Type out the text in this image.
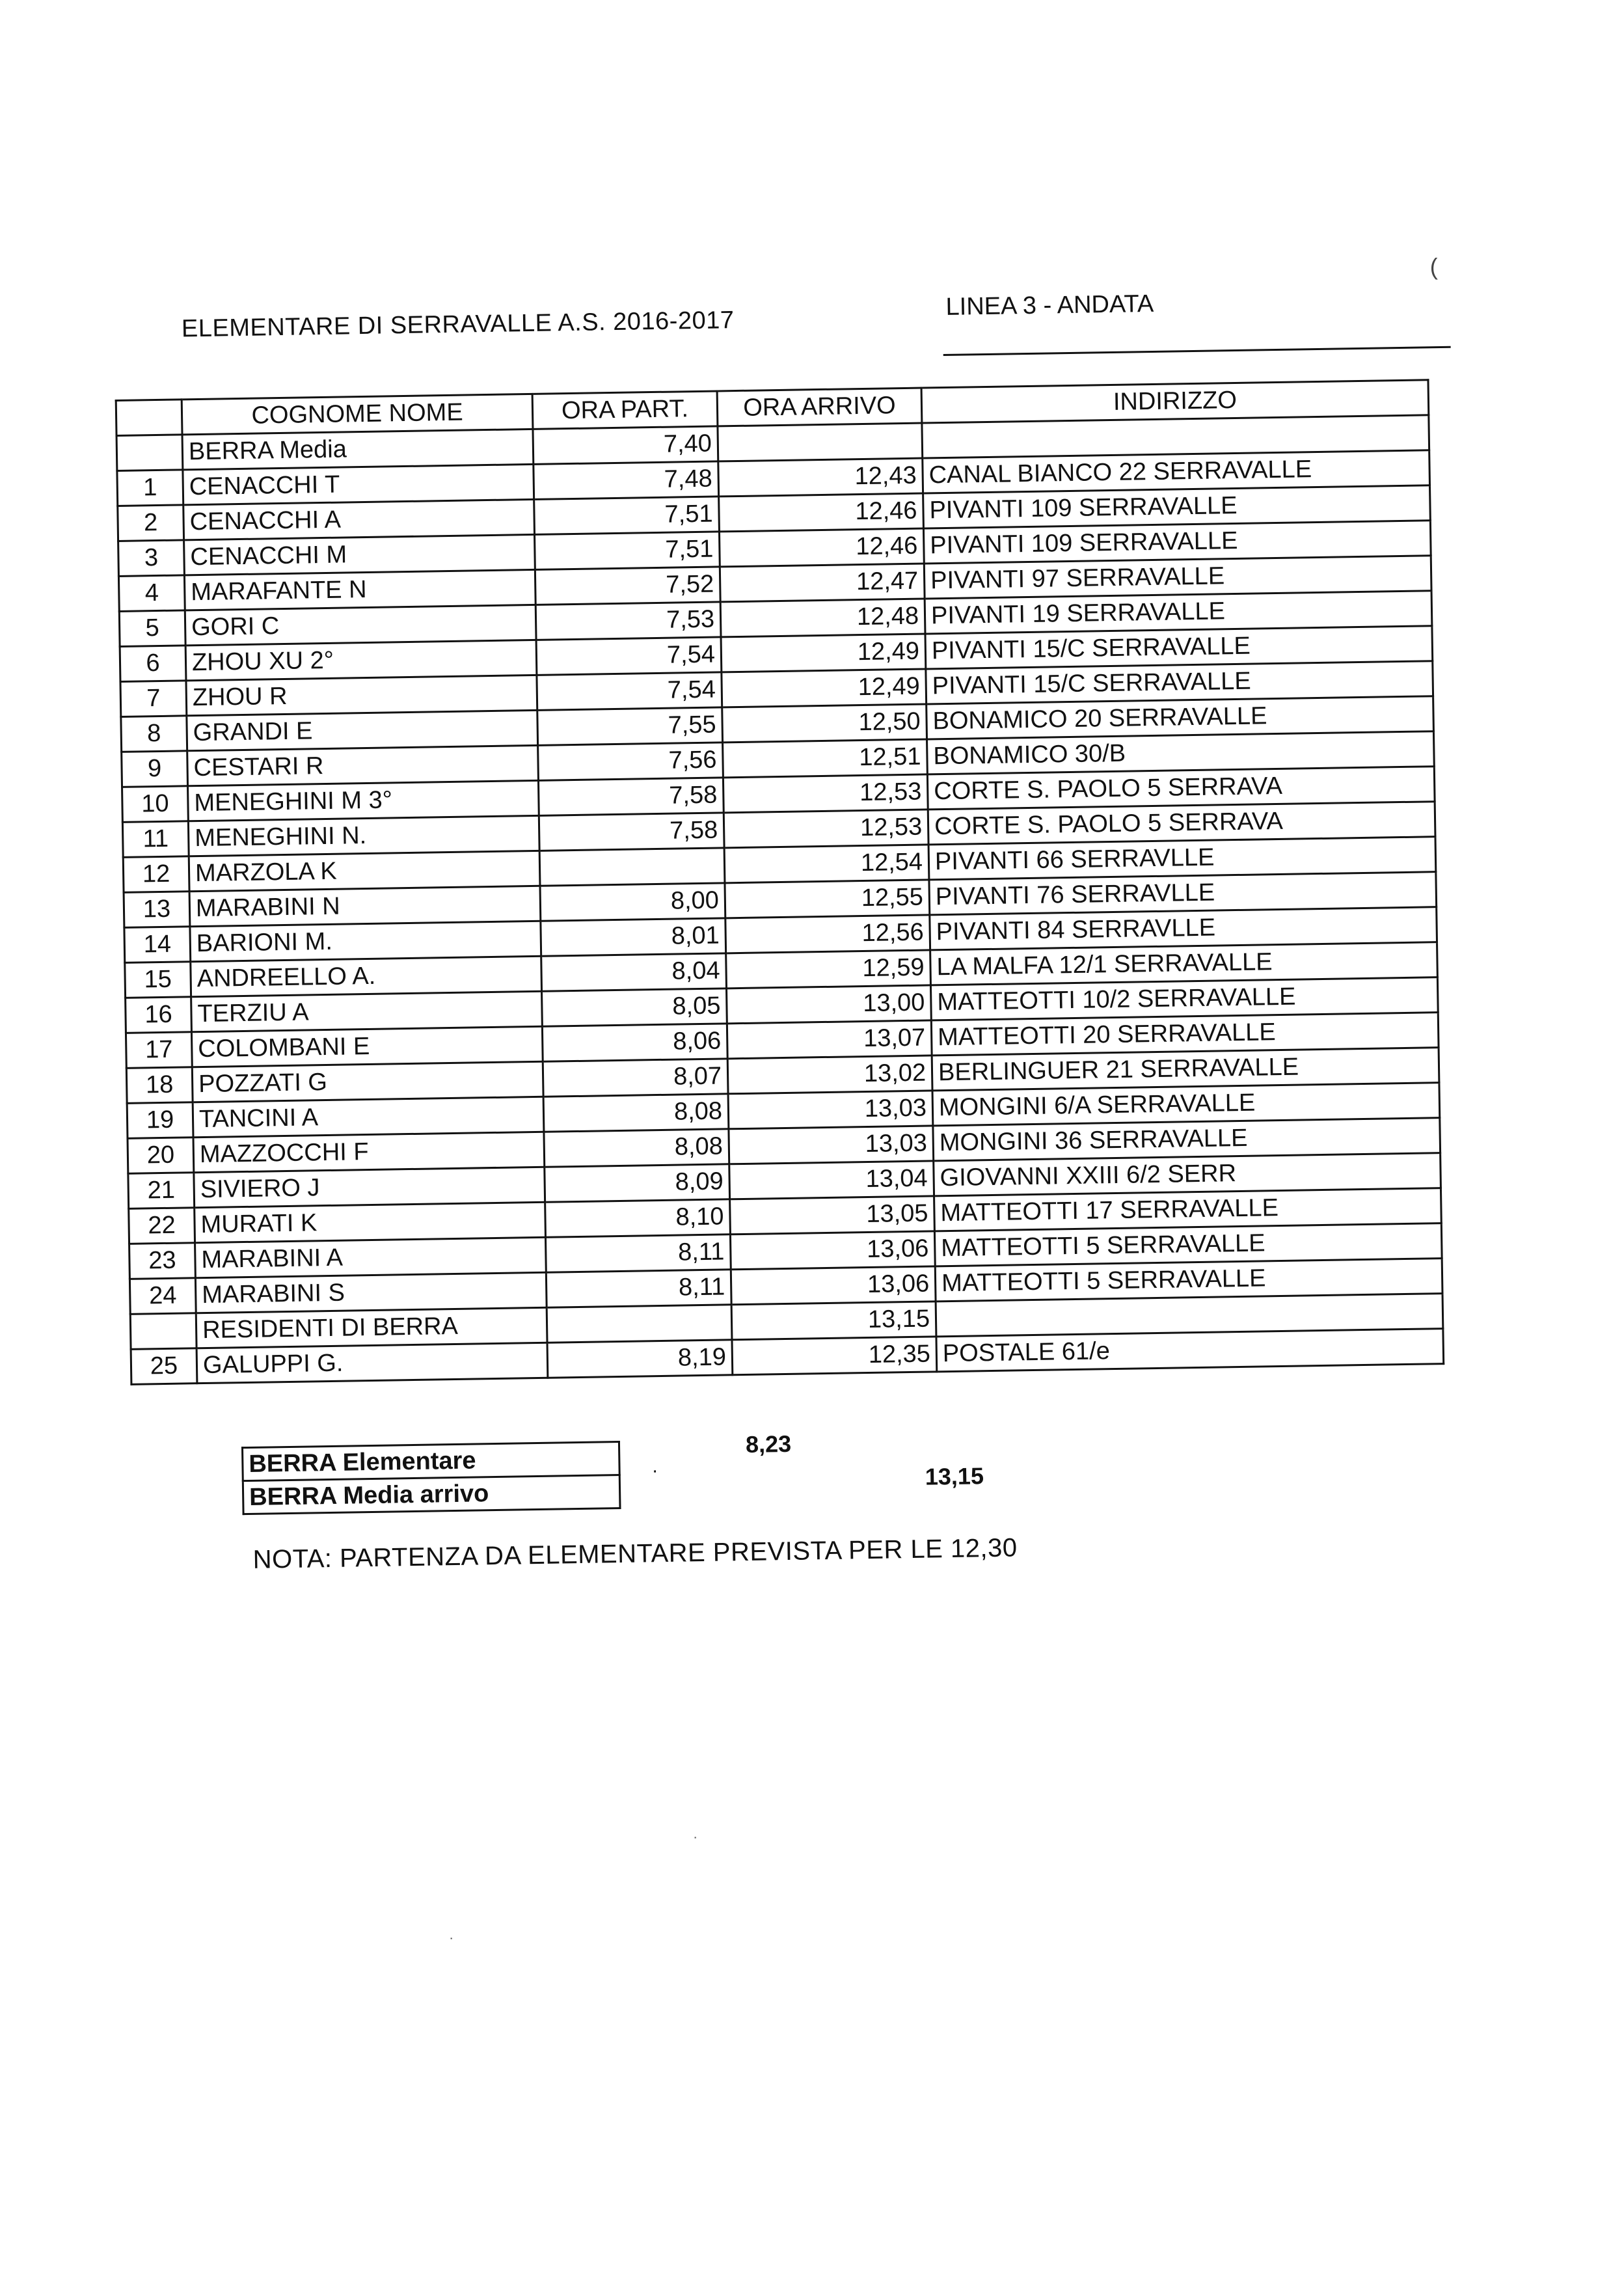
(
ELEMENTARE DI SERRAVALLE A.S. 2016-2017
LINEA 3 - ANDATA
	COGNOME NOME	ORA PART.	ORA ARRIVO	INDIRIZZO
	BERRA Media	7,40		
1	CENACCHI T	7,48	12,43	CANAL BIANCO 22 SERRAVALLE
2	CENACCHI A	7,51	12,46	PIVANTI 109 SERRAVALLE
3	CENACCHI M	7,51	12,46	PIVANTI 109 SERRAVALLE
4	MARAFANTE N	7,52	12,47	PIVANTI 97 SERRAVALLE
5	GORI C	7,53	12,48	PIVANTI 19 SERRAVALLE
6	ZHOU XU 2°	7,54	12,49	PIVANTI 15/C SERRAVALLE
7	ZHOU R	7,54	12,49	PIVANTI 15/C SERRAVALLE
8	GRANDI E	7,55	12,50	BONAMICO 20 SERRAVALLE
9	CESTARI R	7,56	12,51	BONAMICO 30/B
10	MENEGHINI M 3°	7,58	12,53	CORTE S. PAOLO 5 SERRAVA
11	MENEGHINI N.	7,58	12,53	CORTE S. PAOLO 5 SERRAVA
12	MARZOLA K		12,54	PIVANTI 66 SERRAVLLE
13	MARABINI N	8,00	12,55	PIVANTI 76 SERRAVLLE
14	BARIONI M.	8,01	12,56	PIVANTI 84 SERRAVLLE
15	ANDREELLO A.	8,04	12,59	LA MALFA 12/1 SERRAVALLE
16	TERZIU A	8,05	13,00	MATTEOTTI 10/2 SERRAVALLE
17	COLOMBANI E	8,06	13,07	MATTEOTTI 20 SERRAVALLE
18	POZZATI G	8,07	13,02	BERLINGUER 21 SERRAVALLE
19	TANCINI A	8,08	13,03	MONGINI 6/A SERRAVALLE
20	MAZZOCCHI F	8,08	13,03	MONGINI 36 SERRAVALLE
21	SIVIERO J	8,09	13,04	GIOVANNI XXIII 6/2 SERR
22	MURATI K	8,10	13,05	MATTEOTTI 17 SERRAVALLE
23	MARABINI A	8,11	13,06	MATTEOTTI 5 SERRAVALLE
24	MARABINI S	8,11	13,06	MATTEOTTI 5 SERRAVALLE
	RESIDENTI DI BERRA		13,15	
25	GALUPPI G.	8,19	12,35	POSTALE 61/e
BERRA Elementare
BERRA Media arrivo
8,23
·	13,15
NOTA: PARTENZA DA ELEMENTARE PREVISTA PER LE 12,30
·
·
